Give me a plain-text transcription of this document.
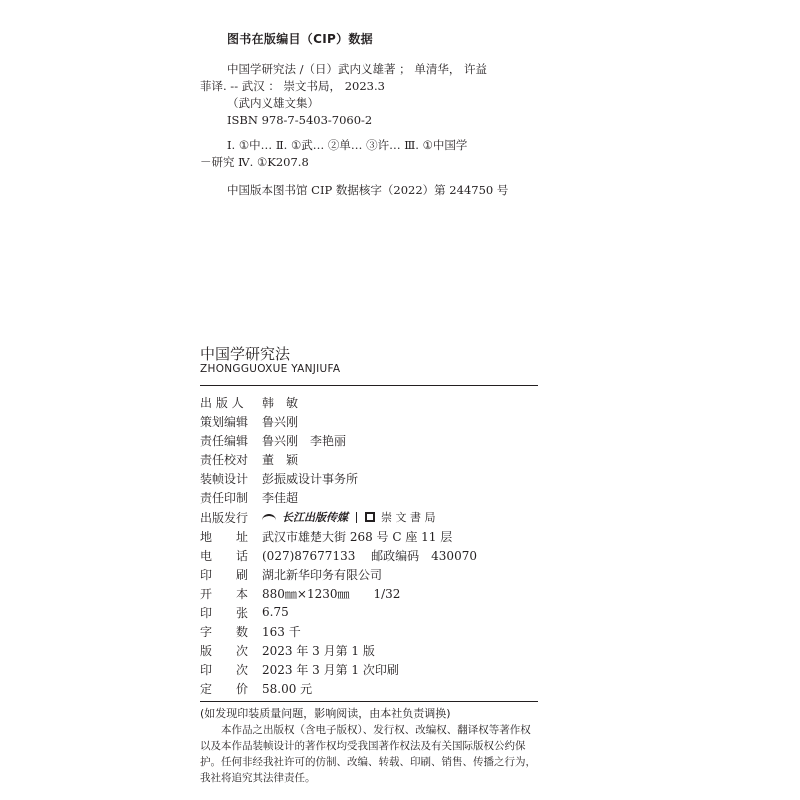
图书在版编目（CIP）数据
中国学研究法 /（日）武内义雄著 ； 单清华， 许益
菲译. -- 武汉 ： 崇文书局， 2023.3
（武内义雄文集）
ISBN 978-7-5403-7060-2
Ⅰ. ①中… Ⅱ. ①武… ②单… ③许… Ⅲ. ①中国学
－研究 Ⅳ. ①K207.8
中国版本图书馆 CIP 数据核字（2022）第 244750 号
中国学研究法
ZHONGGUOXUE YANJIUFA
出 版 人	韩　敏
策划编辑	鲁兴刚
责任编辑	鲁兴刚　李艳丽
责任校对	董　颖
装帧设计	彭振威设计事务所
责任印制	李佳超
出版发行	长江出版传媒	崇 文 書 局
地　　址	武汉市雄楚大街 268 号 C 座 11 层
电　　话	(027)87677133　 邮政编码　430070
印　　刷	湖北新华印务有限公司
开　　本	880㎜×1230㎜　　1/32
印　　张	6.75
字　　数	163 千
版　　次	2023 年 3 月第 1 版
印　　次	2023 年 3 月第 1 次印刷
定　　价	58.00 元
(如发现印装质量问题，影响阅读，由本社负责调换)
　　本作品之出版权（含电子版权）、发行权、改编权、翻译权等著作权
以及本作品装帧设计的著作权均受我国著作权法及有关国际版权公约保
护。任何非经我社许可的仿制、改编、转载、印刷、销售、传播之行为，
我社将追究其法律责任。
